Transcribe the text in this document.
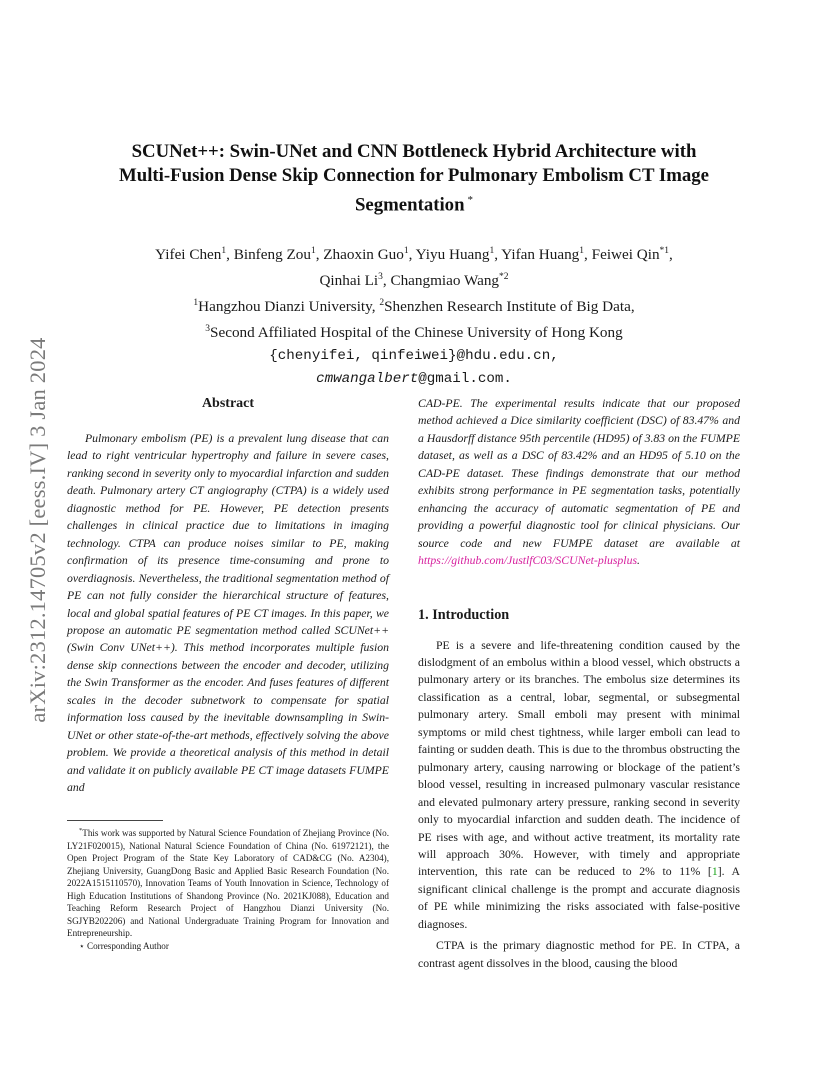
arXiv:2312.14705v2 [eess.IV] 3 Jan 2024
SCUNet++: Swin-UNet and CNN Bottleneck Hybrid Architecture with
Multi-Fusion Dense Skip Connection for Pulmonary Embolism CT Image
Segmentation *
Yifei Chen$^1$, Binfeng Zou$^1$, Zhaoxin Guo$^1$, Yiyu Huang$^1$, Yifan Huang$^1$, Feiwei Qin$^{*1}$,
Qinhai Li$^3$, Changmiao Wang$^{*2}$
$^1$Hangzhou Dianzi University, $^2$Shenzhen Research Institute of Big Data,
$^3$Second Affiliated Hospital of the Chinese University of Hong Kong
{chenyifei, qinfeiwei}@hdu.edu.cn,
cmwangalbert@gmail.com.
Abstract

Pulmonary embolism (PE) is a prevalent lung disease that can lead to right ventricular hypertrophy and failure in severe cases, ranking second in severity only to myocardial infarction and sudden death. Pulmonary artery CT angiography (CTPA) is a widely used diagnostic method for PE. However, PE detection presents challenges in clinical practice due to limitations in imaging technology. CTPA can produce noises similar to PE, making confirmation of its presence time-consuming and prone to overdiagnosis. Nevertheless, the traditional segmentation method of PE can not fully consider the hierarchical structure of features, local and global spatial features of PE CT images. In this paper, we propose an automatic PE segmentation method called SCUNet++ (Swin Conv UNet++). This method incorporates multiple fusion dense skip connections between the encoder and decoder, utilizing the Swin Transformer as the encoder. And fuses features of different scales in the decoder subnetwork to compensate for spatial information loss caused by the inevitable downsampling in Swin-UNet or other state-of-the-art methods, effectively solving the above problem. We provide a theoretical analysis of this method in detail and validate it on publicly available PE CT image datasets FUMPE and

CAD-PE. The experimental results indicate that our proposed method achieved a Dice similarity coefficient (DSC) of 83.47% and a Hausdorff distance 95th percentile (HD95) of 3.83 on the FUMPE dataset, as well as a DSC of 83.42% and an HD95 of 5.10 on the CAD-PE dataset. These findings demonstrate that our method exhibits strong performance in PE segmentation tasks, potentially enhancing the accuracy of automatic segmentation of PE and providing a powerful diagnostic tool for clinical physicians. Our source code and new FUMPE dataset are available at https://github.com/JustlfC03/SCUNet-plusplus.

1. Introduction

PE is a severe and life-threatening condition caused by the dislodgment of an embolus within a blood vessel, which obstructs a pulmonary artery or its branches. The embolus size determines its classification as a central, lobar, segmental, or subsegmental pulmonary artery. Small emboli may present with minimal symptoms or mild chest tightness, while larger emboli can lead to fainting or sudden death. This is due to the thrombus obstructing the pulmonary artery, causing narrowing or blockage of the patient’s blood vessel, resulting in increased pulmonary vascular resistance and elevated pulmonary artery pressure, ranking second in severity only to myocardial infarction and sudden death. The incidence of PE rises with age, and without active treatment, its mortality rate will approach 30%. However, with timely and appropriate intervention, this rate can be reduced to 2% to 11% [1]. A significant clinical challenge is the prompt and accurate diagnosis of PE while minimizing the risks associated with false-positive diagnoses.

CTPA is the primary diagnostic method for PE. In CTPA, a contrast agent dissolves in the blood, causing the blood

*This work was supported by Natural Science Foundation of Zhejiang Province (No. LY21F020015), National Natural Science Foundation of China (No. 61972121), the Open Project Program of the State Key Laboratory of CAD&CG (No. A2304), Zhejiang University, GuangDong Basic and Applied Basic Research Foundation (No. 2022A1515110570), Innovation Teams of Youth Innovation in Science, Technology of High Education Institutions of Shandong Province (No. 2021KJ088), Education and Teaching Reform Research Project of Hangzhou Dianzi University (No. SGJYB202206) and National Undergraduate Training Program for Innovation and Entrepreneurship.

⋆ Corresponding Author
